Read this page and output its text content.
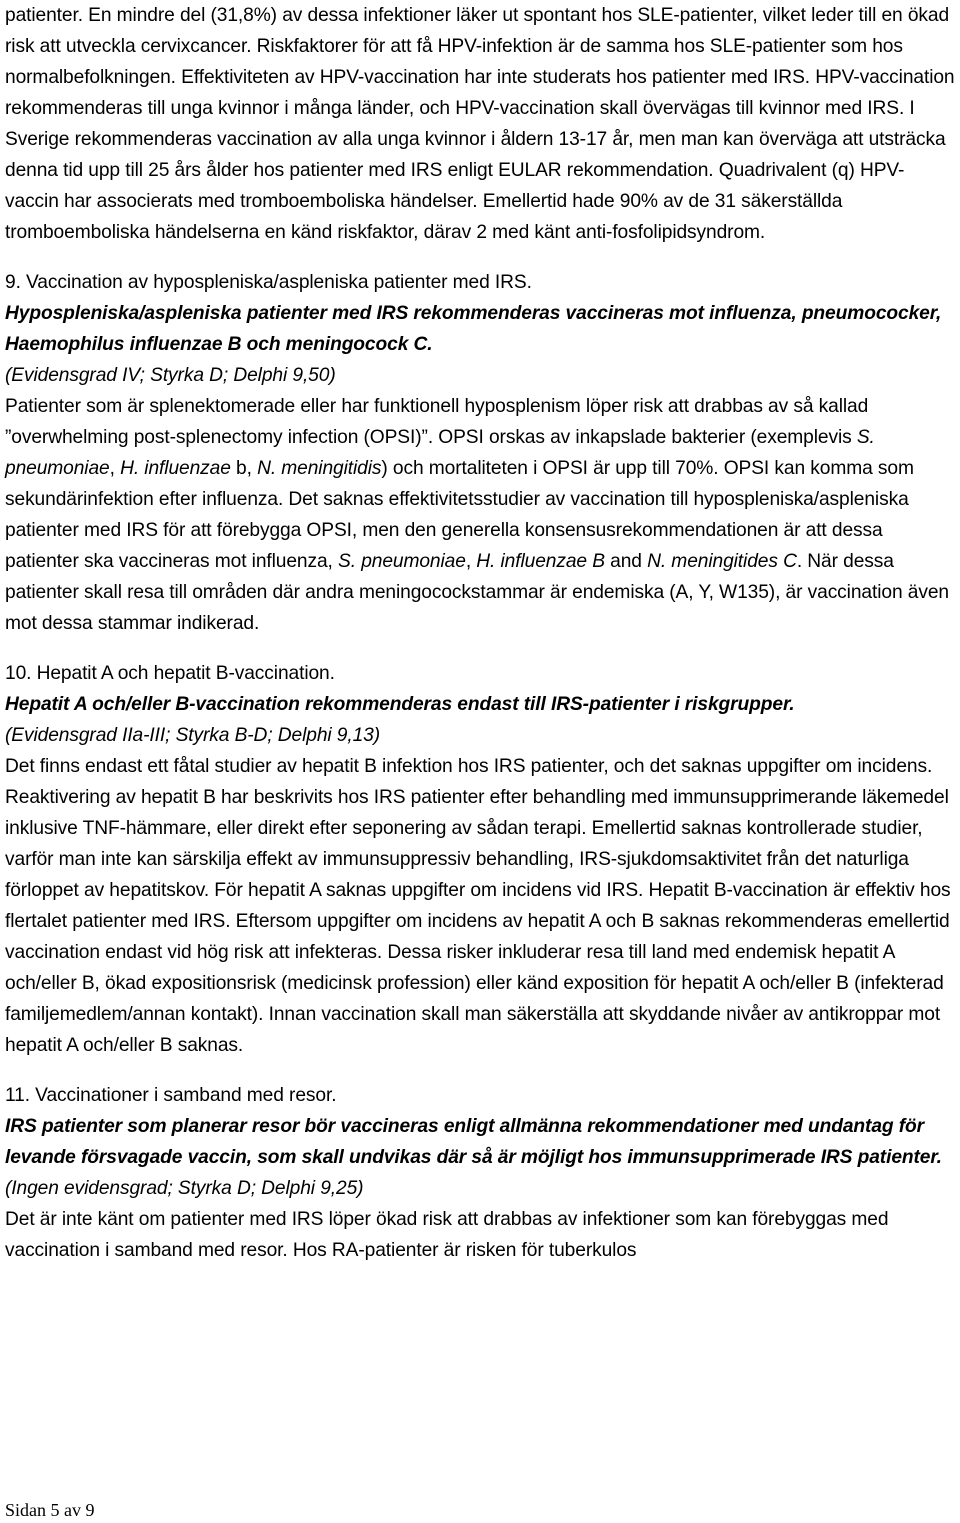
patienter. En mindre del (31,8%) av dessa infektioner läker ut spontant hos SLE-patienter, vilket leder till en ökad risk att utveckla cervixcancer. Riskfaktorer för att få HPV-infektion är de samma hos SLE-patienter som hos normalbefolkningen. Effektiviteten av HPV-vaccination har inte studerats hos patienter med IRS. HPV-vaccination rekommenderas till unga kvinnor i många länder, och HPV-vaccination skall övervägas till kvinnor med IRS. I Sverige rekommenderas vaccination av alla unga kvinnor i åldern 13-17 år, men man kan överväga att utsträcka denna tid upp till 25 års ålder hos patienter med IRS enligt EULAR rekommendation. Quadrivalent (q) HPV-vaccin har associerats med tromboemboliska händelser. Emellertid hade 90% av de 31 säkerställda tromboemboliska händelserna en känd riskfaktor, därav 2 med känt anti-fosfolipidsyndrom.

9. Vaccination av hypospleniska/aspleniska patienter med IRS.

Hypospleniska/aspleniska patienter med IRS rekommenderas vaccineras mot influenza, pneumococker, Haemophilus influenzae B och meningocock C.

(Evidensgrad IV; Styrka D; Delphi 9,50)

Patienter som är splenektomerade eller har funktionell hyposplenism löper risk att drabbas av så kallad ”overwhelming post-splenectomy infection (OPSI)”. OPSI orskas av inkapslade bakterier (exemplevis S. pneumoniae, H. influenzae b, N. meningitidis) och mortaliteten i OPSI är upp till 70%. OPSI kan komma som sekundärinfektion efter influenza. Det saknas effektivitetsstudier av vaccination till hypospleniska/aspleniska patienter med IRS för att förebygga OPSI, men den generella konsensusrekommendationen är att dessa patienter ska vaccineras mot influenza, S. pneumoniae, H. influenzae B and N. meningitides C. När dessa patienter skall resa till områden där andra meningocockstammar är endemiska (A, Y, W135), är vaccination även mot dessa stammar indikerad.

10. Hepatit A och hepatit B-vaccination.

Hepatit A och/eller B-vaccination rekommenderas endast till IRS-patienter i riskgrupper.

(Evidensgrad IIa-III; Styrka B-D; Delphi 9,13)

Det finns endast ett fåtal studier av hepatit B infektion hos IRS patienter, och det saknas uppgifter om incidens. Reaktivering av hepatit B har beskrivits hos IRS patienter efter behandling med immunsupprimerande läkemedel inklusive TNF-hämmare, eller direkt efter seponering av sådan terapi. Emellertid saknas kontrollerade studier, varför man inte kan särskilja effekt av immunsuppressiv behandling, IRS-sjukdomsaktivitet från det naturliga förloppet av hepatitskov. För hepatit A saknas uppgifter om incidens vid IRS. Hepatit B-vaccination är effektiv hos flertalet patienter med IRS. Eftersom uppgifter om incidens av hepatit A och B saknas rekommenderas emellertid vaccination endast vid hög risk att infekteras. Dessa risker inkluderar resa till land med endemisk hepatit A och/eller B, ökad expositionsrisk (medicinsk profession) eller känd exposition för hepatit A och/eller B (infekterad familjemedlem/annan kontakt). Innan vaccination skall man säkerställa att skyddande nivåer av antikroppar mot hepatit A och/eller B saknas.

11. Vaccinationer i samband med resor.

IRS patienter som planerar resor bör vaccineras enligt allmänna rekommendationer med undantag för levande försvagade vaccin, som skall undvikas där så är möjligt hos immunsupprimerade IRS patienter.

(Ingen evidensgrad; Styrka D; Delphi 9,25)

Det är inte känt om patienter med IRS löper ökad risk att drabbas av infektioner som kan förebyggas med vaccination i samband med resor. Hos RA-patienter är risken för tuberkulos

Sidan 5 av 9
